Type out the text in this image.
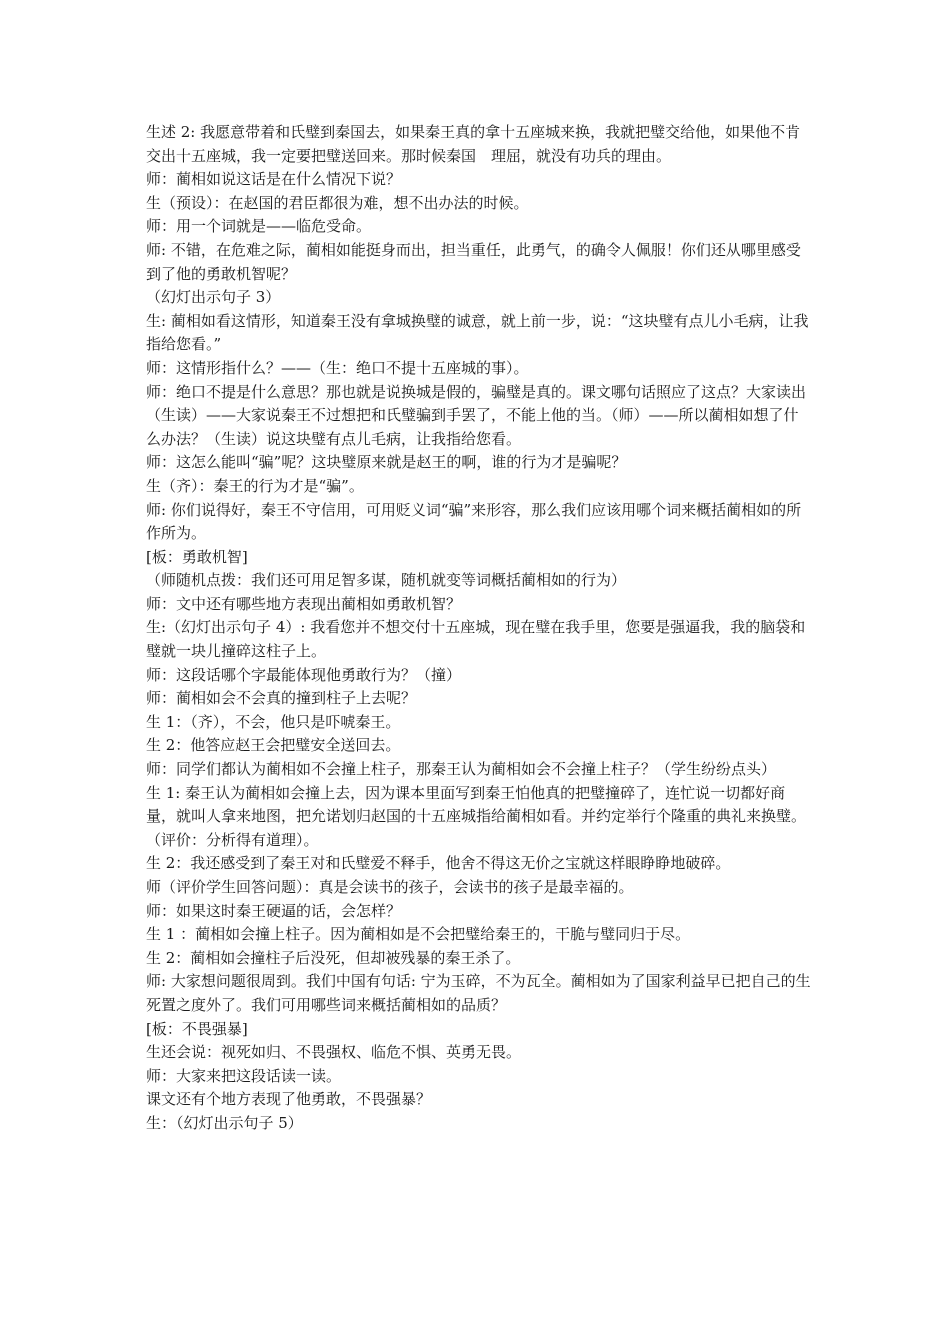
生述 2: 我愿意带着和氏璧到秦国去，如果秦王真的拿十五座城来换，我就把璧交给他，如果他不肯交出十五座城，我一定要把璧送回来。那时候秦国　理屈，就没有功兵的理由。

师：蔺相如说这话是在什么情况下说？

生（预设）：在赵国的君臣都很为难，想不出办法的时候。

师：用一个词就是——临危受命。

师: 不错，在危难之际，蔺相如能挺身而出，担当重任，此勇气，的确令人佩服！你们还从哪里感受到了他的勇敢机智呢？

（幻灯出示句子 3）

生: 蔺相如看这情形，知道秦王没有拿城换璧的诚意，就上前一步，说：“这块璧有点儿小毛病，让我指给您看。”

师：这情形指什么？——（生：绝口不提十五座城的事）。

师：绝口不提是什么意思？那也就是说换城是假的，骗璧是真的。课文哪句话照应了这点？大家读出（生读）——大家说秦王不过想把和氏璧骗到手罢了，不能上他的当。（师）——所以蔺相如想了什么办法？（生读）说这块璧有点儿毛病，让我指给您看。

师：这怎么能叫“骗”呢？这块璧原来就是赵王的啊，谁的行为才是骗呢？

生（齐）：秦王的行为才是“骗”。

师: 你们说得好，秦王不守信用，可用贬义词“骗”来形容，那么我们应该用哪个词来概括蔺相如的所作所为。

[板：勇敢机智]

（师随机点拨：我们还可用足智多谋，随机就变等词概括蔺相如的行为）

师：文中还有哪些地方表现出蔺相如勇敢机智？

生:（幻灯出示句子 4）: 我看您并不想交付十五座城，现在璧在我手里，您要是强逼我，我的脑袋和璧就一块儿撞碎这柱子上。

师：这段话哪个字最能体现他勇敢行为？（撞）

师：蔺相如会不会真的撞到柱子上去呢？

生 1：（齐），不会，他只是吓唬秦王。

生 2：他答应赵王会把璧安全送回去。

师：同学们都认为蔺相如不会撞上柱子，那秦王认为蔺相如会不会撞上柱子？（学生纷纷点头）

生 1: 秦王认为蔺相如会撞上去，因为课本里面写到秦王怕他真的把璧撞碎了，连忙说一切都好商量，就叫人拿来地图，把允诺划归赵国的十五座城指给蔺相如看。并约定举行个隆重的典礼来换璧。（评价：分析得有道理）。

生 2：我还感受到了秦王对和氏璧爱不释手，他舍不得这无价之宝就这样眼睁睁地破碎。

师（评价学生回答问题）：真是会读书的孩子，会读书的孩子是最幸福的。

师：如果这时秦王硬逼的话，会怎样？

生 1 ：蔺相如会撞上柱子。因为蔺相如是不会把璧给秦王的，干脆与璧同归于尽。

生 2：蔺相如会撞柱子后没死，但却被残暴的秦王杀了。

师: 大家想问题很周到。我们中国有句话: 宁为玉碎，不为瓦全。蔺相如为了国家利益早已把自己的生死置之度外了。我们可用哪些词来概括蔺相如的品质？

[板：不畏强暴]

生还会说：视死如归、不畏强权、临危不惧、英勇无畏。

师：大家来把这段话读一读。

课文还有个地方表现了他勇敢，不畏强暴？

生：（幻灯出示句子 5）
